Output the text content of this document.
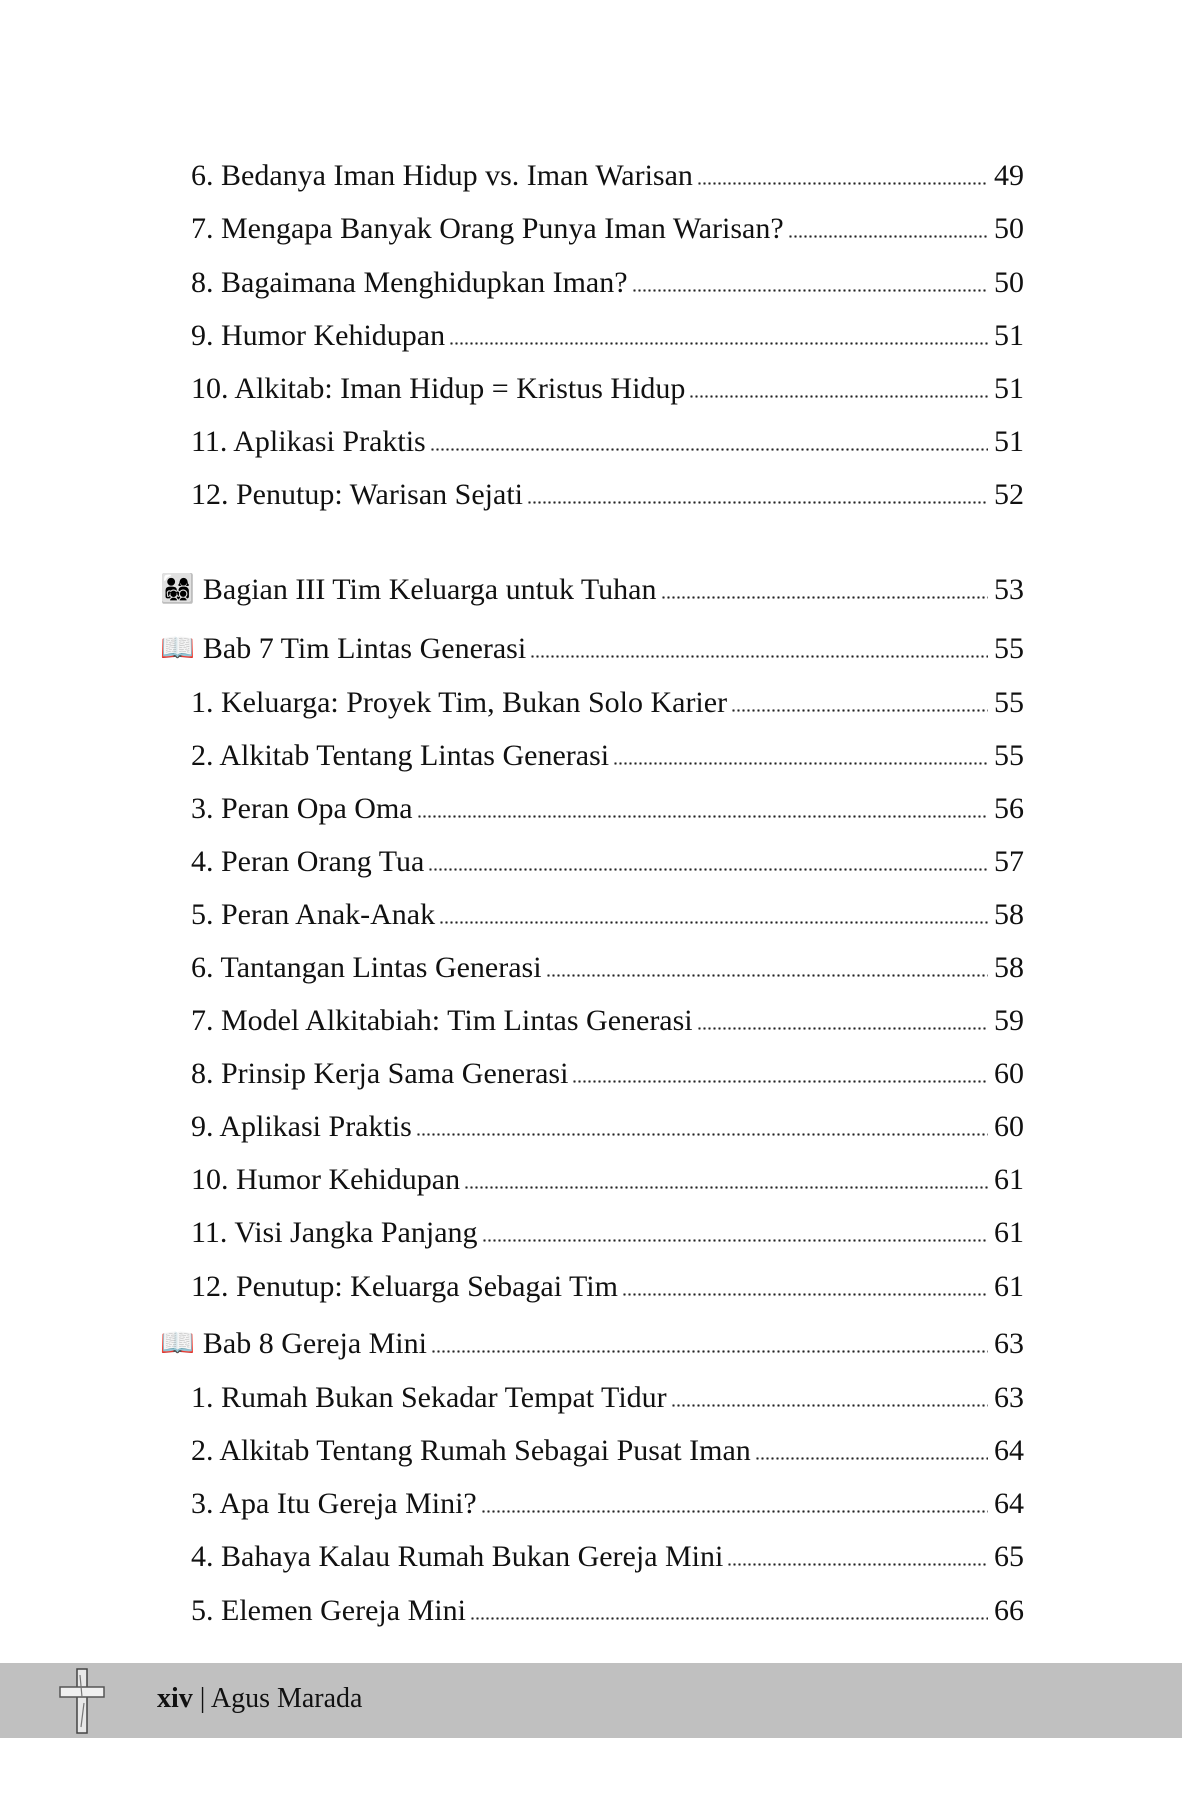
6. Bedanya Iman Hidup vs. Iman Warisan	49
7. Mengapa Banyak Orang Punya Iman Warisan?	50
8. Bagaimana Menghidupkan Iman?	50
9. Humor Kehidupan	51
10. Alkitab: Iman Hidup = Kristus Hidup	51
11. Aplikasi Praktis	51
12. Penutup: Warisan Sejati	52
👨‍👩‍👧‍👦 Bagian III Tim Keluarga untuk Tuhan	53
📖 Bab 7 Tim Lintas Generasi	55
1. Keluarga: Proyek Tim, Bukan Solo Karier	55
2. Alkitab Tentang Lintas Generasi	55
3. Peran Opa Oma	56
4. Peran Orang Tua	57
5. Peran Anak-Anak	58
6. Tantangan Lintas Generasi	58
7. Model Alkitabiah: Tim Lintas Generasi	59
8. Prinsip Kerja Sama Generasi	60
9. Aplikasi Praktis	60
10. Humor Kehidupan	61
11. Visi Jangka Panjang	61
12. Penutup: Keluarga Sebagai Tim	61
📖 Bab 8 Gereja Mini	63
1. Rumah Bukan Sekadar Tempat Tidur	63
2. Alkitab Tentang Rumah Sebagai Pusat Iman	64
3. Apa Itu Gereja Mini?	64
4. Bahaya Kalau Rumah Bukan Gereja Mini	65
5. Elemen Gereja Mini	66
xiv | Agus Marada
